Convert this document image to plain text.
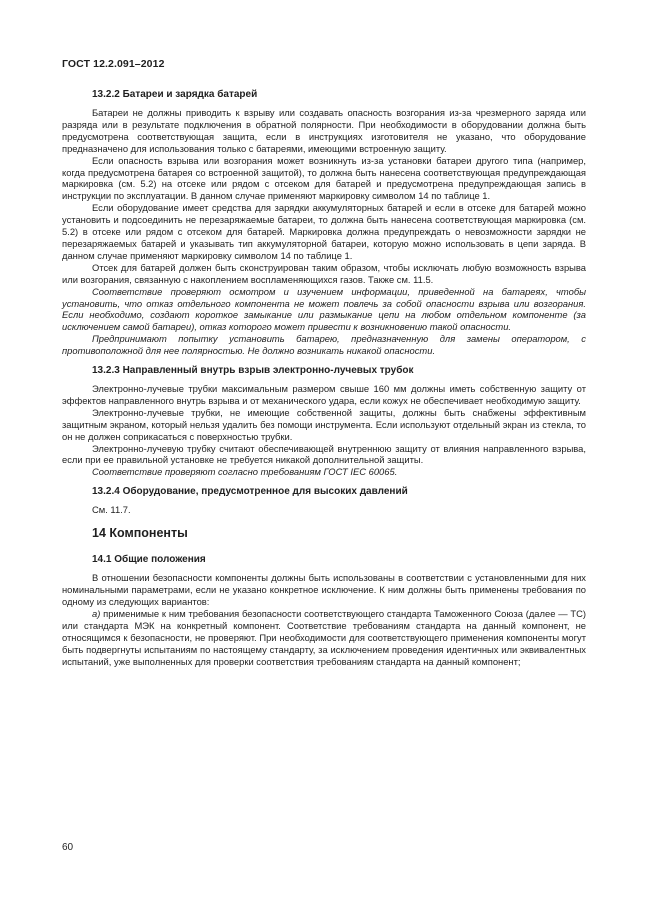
ГОСТ 12.2.091–2012
13.2.2 Батареи и зарядка батарей

Батареи не должны приводить к взрыву или создавать опасность возгорания из-за чрезмерного заряда или разряда или в результате подключения в обратной полярности. При необходимости в оборудовании должна быть предусмотрена соответствующая защита, если в инструкциях изготовителя не указано, что оборудование предназначено для использования только с батареями, имеющими встроенную защиту.

Если опасность взрыва или возгорания может возникнуть из-за установки батареи другого типа (например, когда предусмотрена батарея со встроенной защитой), то должна быть нанесена соответствующая предупреждающая маркировка (см. 5.2) на отсеке или рядом с отсеком для батарей и предусмотрена предупреждающая запись в инструкции по эксплуатации. В данном случае применяют маркировку символом 14 по таблице 1.

Если оборудование имеет средства для зарядки аккумуляторных батарей и если в отсеке для батарей можно установить и подсоединить не перезаряжаемые батареи, то должна быть нанесена соответствующая маркировка (см. 5.2) в отсеке или рядом с отсеком для батарей. Маркировка должна предупреждать о невозможности зарядки не перезаряжаемых батарей и указывать тип аккумуляторной батареи, которую можно использовать в цепи заряда. В данном случае применяют маркировку символом 14 по таблице 1.

Отсек для батарей должен быть сконструирован таким образом, чтобы исключать любую возможность взрыва или возгорания, связанную с накоплением воспламеняющихся газов. Также см. 11.5.

Соответствие проверяют осмотром и изучением информации, приведенной на батареях, чтобы установить, что отказ отдельного компонента не может повлечь за собой опасности взрыва или возгорания. Если необходимо, создают короткое замыкание или размыкание цепи на любом отдельном компоненте (за исключением самой батареи), отказ которого может привести к возникновению такой опасности.

Предпринимают попытку установить батарею, предназначенную для замены оператором, с противоположной для нее полярностью. Не должно возникать никакой опасности.

13.2.3 Направленный внутрь взрыв электронно-лучевых трубок

Электронно-лучевые трубки максимальным размером свыше 160 мм должны иметь собственную защиту от эффектов направленного внутрь взрыва и от механического удара, если кожух не обеспечивает необходимую защиту.

Электронно-лучевые трубки, не имеющие собственной защиты, должны быть снабжены эффективным защитным экраном, который нельзя удалить без помощи инструмента. Если используют отдельный экран из стекла, то он не должен соприкасаться с поверхностью трубки.

Электронно-лучевую трубку считают обеспечивающей внутреннюю защиту от влияния направленного взрыва, если при ее правильной установке не требуется никакой дополнительной защиты.

Соответствие проверяют согласно требованиям ГОСТ IEC 60065.

13.2.4 Оборудование, предусмотренное для высоких давлений

См. 11.7.

14 Компоненты
14.1 Общие положения

В отношении безопасности компоненты должны быть использованы в соответствии с установленными для них номинальными параметрами, если не указано конкретное исключение. К ним должны быть применены требования по одному из следующих вариантов:

а) применимые к ним требования безопасности соответствующего стандарта Таможенного Союза (далее — ТС) или стандарта МЭК на конкретный компонент. Соответствие требованиям стандарта на данный компонент, не относящимся к безопасности, не проверяют. При необходимости для соответствующего применения компоненты могут быть подвергнуты испытаниям по настоящему стандарту, за исключением проведения идентичных или эквивалентных испытаний, уже выполненных для проверки соответствия требованиям стандарта на данный компонент;

60
